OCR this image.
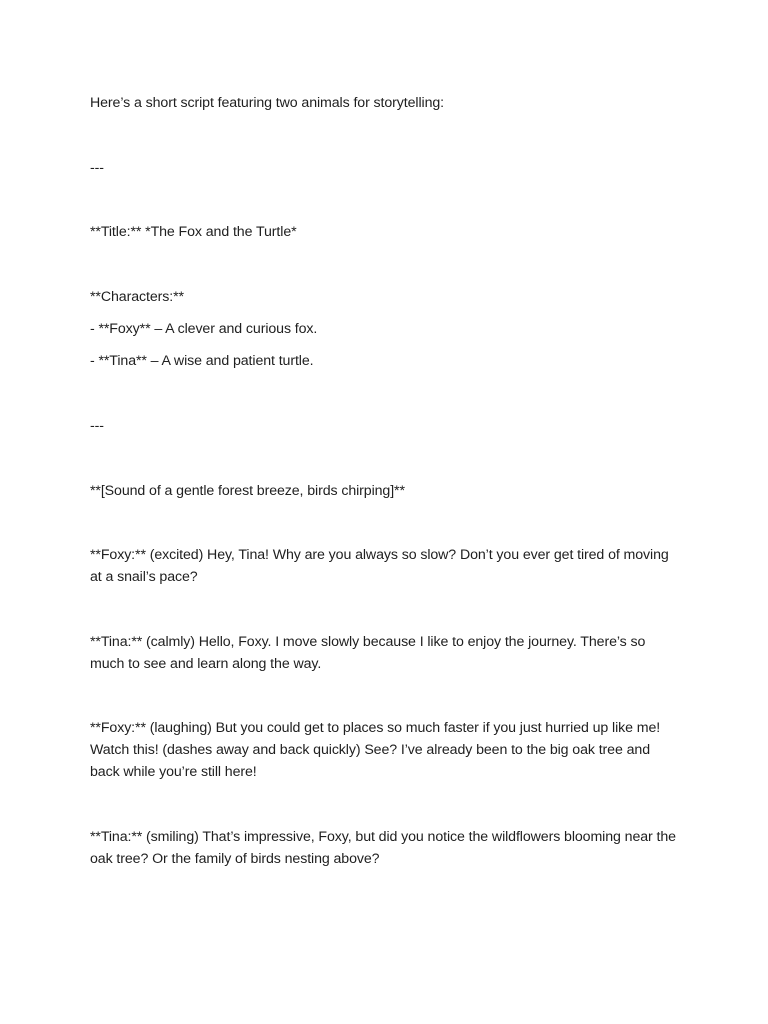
Here’s a short script featuring two animals for storytelling:
---
**Title:** *The Fox and the Turtle*
**Characters:**
- **Foxy** – A clever and curious fox.
- **Tina** – A wise and patient turtle.
---
**[Sound of a gentle forest breeze, birds chirping]**
**Foxy:** (excited) Hey, Tina! Why are you always so slow? Don’t you ever get tired of moving at a snail’s pace?
**Tina:** (calmly) Hello, Foxy. I move slowly because I like to enjoy the journey. There’s so much to see and learn along the way.
**Foxy:** (laughing) But you could get to places so much faster if you just hurried up like me! Watch this! (dashes away and back quickly) See? I’ve already been to the big oak tree and back while you’re still here!
**Tina:** (smiling) That’s impressive, Foxy, but did you notice the wildflowers blooming near the oak tree? Or the family of birds nesting above?
